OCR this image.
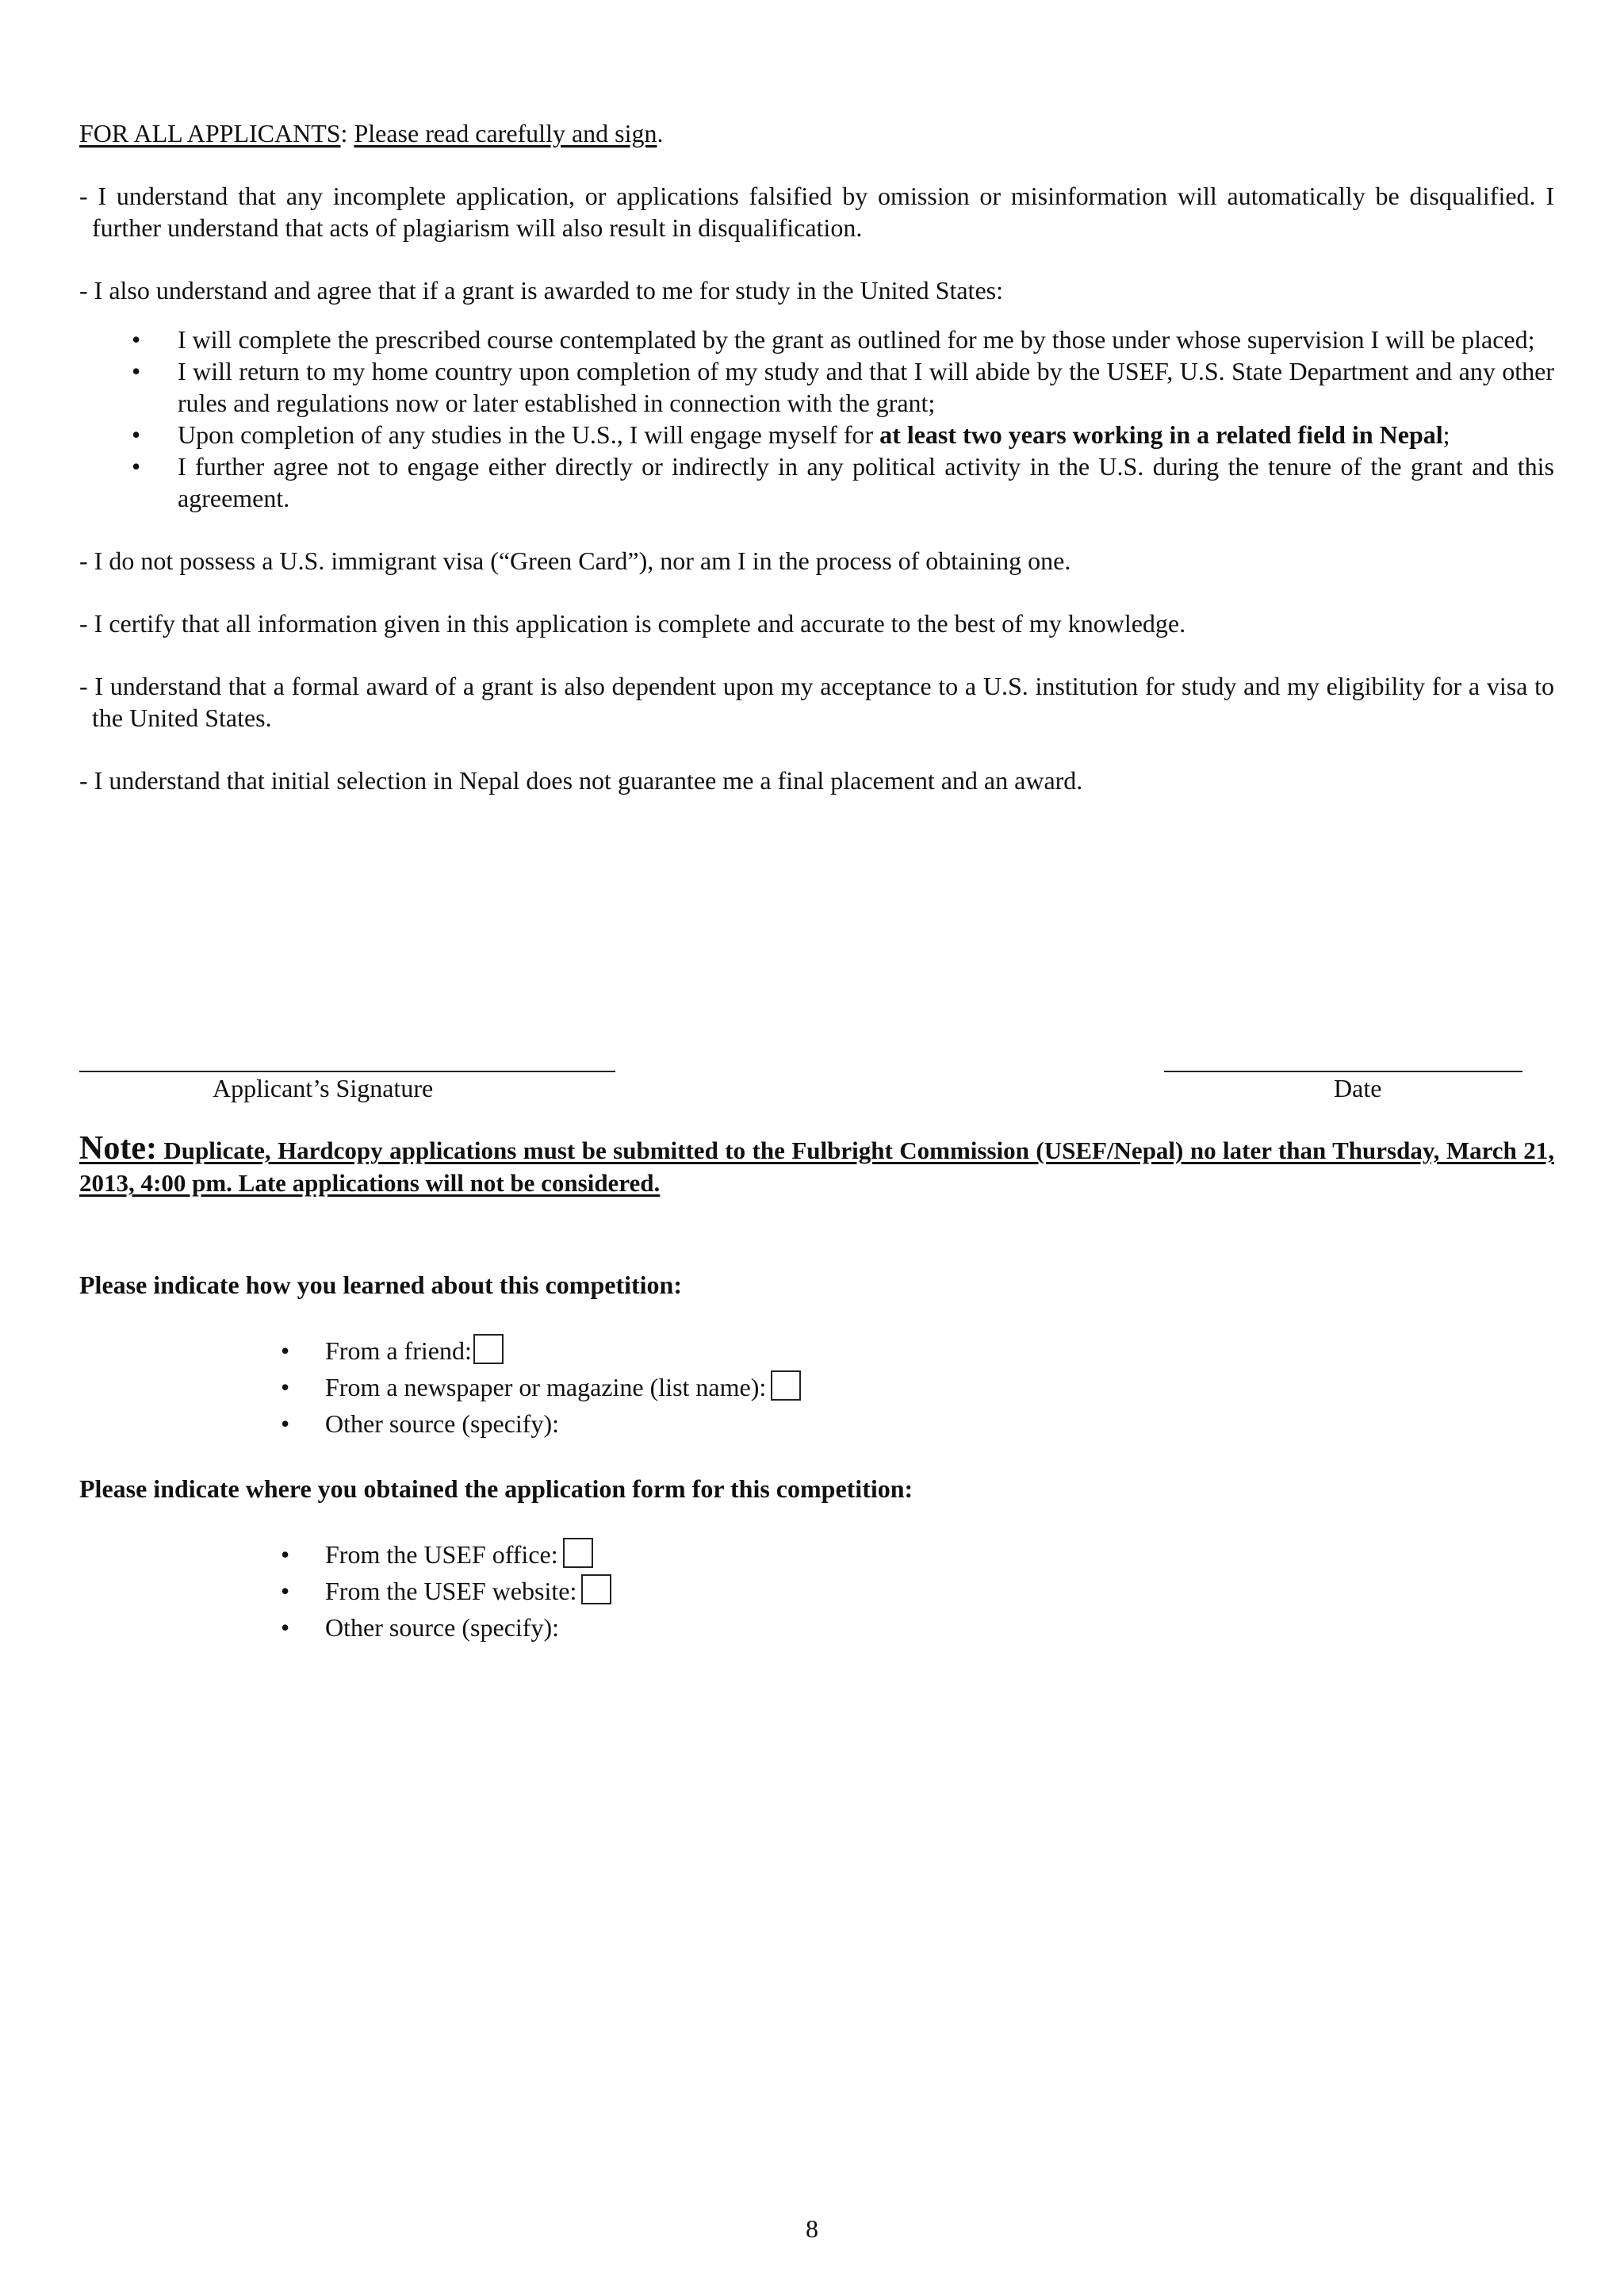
FOR ALL APPLICANTS: Please read carefully and sign.

- I understand that any incomplete application, or applications falsified by omission or misinformation will automatically be disqualified. I further understand that acts of plagiarism will also result in disqualification.

- I also understand and agree that if a grant is awarded to me for study in the United States:

• I will complete the prescribed course contemplated by the grant as outlined for me by those under whose supervision I will be placed;
• I will return to my home country upon completion of my study and that I will abide by the USEF, U.S. State Department and any other rules and regulations now or later established in connection with the grant;
• Upon completion of any studies in the U.S., I will engage myself for at least two years working in a related field in Nepal;
• I further agree not to engage either directly or indirectly in any political activity in the U.S. during the tenure of the grant and this agreement.

- I do not possess a U.S. immigrant visa (“Green Card”), nor am I in the process of obtaining one.

- I certify that all information given in this application is complete and accurate to the best of my knowledge.

- I understand that a formal award of a grant is also dependent upon my acceptance to a U.S. institution for study and my eligibility for a visa to the United States.

- I understand that initial selection in Nepal does not guarantee me a final placement and an award.

Applicant’s Signature	Date
Note: Duplicate, Hardcopy applications must be submitted to the Fulbright Commission (USEF/Nepal) no later than Thursday, March 21, 2013, 4:00 pm. Late applications will not be considered.
Please indicate how you learned about this competition:
• From a friend:
• From a newspaper or magazine (list name):
• Other source (specify):
Please indicate where you obtained the application form for this competition:
• From the USEF office:
• From the USEF website:
• Other source (specify):
8
